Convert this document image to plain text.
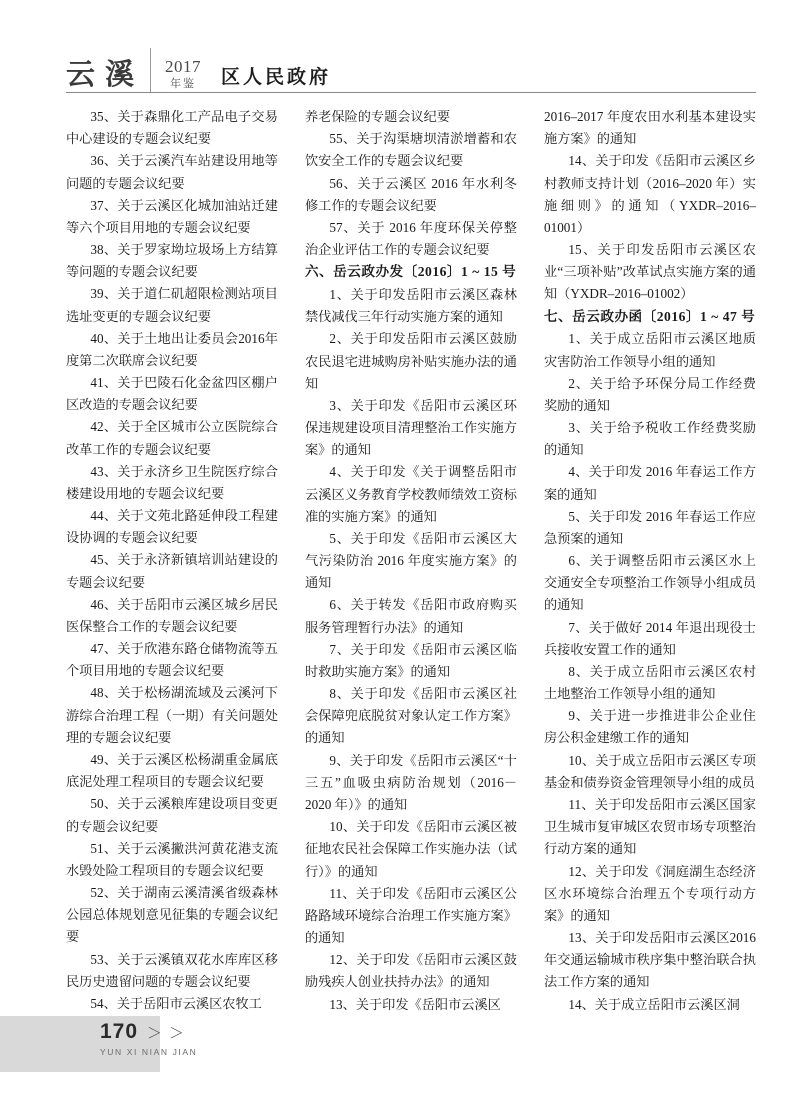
云溪 2017
年鉴 区人民政府

35、关于森鼎化工产品电子交易中心建设的专题会议纪要

36、关于云溪汽车站建设用地等问题的专题会议纪要

37、关于云溪区化城加油站迁建等六个项目用地的专题会议纪要

38、关于罗家坳垃圾场上方结算等问题的专题会议纪要

39、关于道仁矶超限检测站项目选址变更的专题会议纪要

40、关于土地出让委员会2016年度第二次联席会议纪要

41、关于巴陵石化金盆四区棚户区改造的专题会议纪要

42、关于全区城市公立医院综合改革工作的专题会议纪要

43、关于永济乡卫生院医疗综合楼建设用地的专题会议纪要

44、关于文苑北路延伸段工程建设协调的专题会议纪要

45、关于永济新镇培训站建设的专题会议纪要

46、关于岳阳市云溪区城乡居民医保整合工作的专题会议纪要

47、关于欣港东路仓储物流等五个项目用地的专题会议纪要

48、关于松杨湖流域及云溪河下游综合治理工程（一期）有关问题处理的专题会议纪要

49、关于云溪区松杨湖重金属底底泥处理工程项目的专题会议纪要

50、关于云溪粮库建设项目变更的专题会议纪要

51、关于云溪撇洪河黄花港支流水毁处险工程项目的专题会议纪要

52、关于湖南云溪清溪省级森林公园总体规划意见征集的专题会议纪要

53、关于云溪镇双花水库库区移民历史遗留问题的专题会议纪要

54、关于岳阳市云溪区农牧工

养老保险的专题会议纪要

55、关于沟渠塘坝清淤增蓄和农饮安全工作的专题会议纪要

56、关于云溪区 2016 年水利冬修工作的专题会议纪要

57、关于 2016 年度环保关停整治企业评估工作的专题会议纪要

六、岳云政办发〔2016〕1 ~ 15 号

1、关于印发岳阳市云溪区森林禁伐减伐三年行动实施方案的通知

2、关于印发岳阳市云溪区鼓励农民退宅进城购房补贴实施办法的通知

3、关于印发《岳阳市云溪区环保违规建设项目清理整治工作实施方案》的通知

4、关于印发《关于调整岳阳市云溪区义务教育学校教师绩效工资标准的实施方案》的通知

5、关于印发《岳阳市云溪区大气污染防治 2016 年度实施方案》的通知

6、关于转发《岳阳市政府购买服务管理暂行办法》的通知

7、关于印发《岳阳市云溪区临时救助实施方案》的通知

8、关于印发《岳阳市云溪区社会保障兜底脱贫对象认定工作方案》的通知

9、关于印发《岳阳市云溪区“十三五”血吸虫病防治规划（2016－2020 年）》的通知

10、关于印发《岳阳市云溪区被征地农民社会保障工作实施办法（试行）》的通知

11、关于印发《岳阳市云溪区公路路域环境综合治理工作实施方案》的通知

12、关于印发《岳阳市云溪区鼓励残疾人创业扶持办法》的通知

13、关于印发《岳阳市云溪区

2016–2017 年度农田水利基本建设实施方案》的通知

14、关于印发《岳阳市云溪区乡村教师支持计划（2016–2020 年）实施细则》的通知（YXDR–2016–01001）

15、关于印发岳阳市云溪区农业“三项补贴”改革试点实施方案的通知（YXDR–2016–01002）

七、岳云政办函〔2016〕1 ~ 47 号

1、关于成立岳阳市云溪区地质灾害防治工作领导小组的通知

2、关于给予环保分局工作经费奖励的通知

3、关于给予税收工作经费奖励的通知

4、关于印发 2016 年春运工作方案的通知

5、关于印发 2016 年春运工作应急预案的通知

6、关于调整岳阳市云溪区水上交通安全专项整治工作领导小组成员的通知

7、关于做好 2014 年退出现役士兵接收安置工作的通知

8、关于成立岳阳市云溪区农村土地整治工作领导小组的通知

9、关于进一步推进非公企业住房公积金建缴工作的通知

10、关于成立岳阳市云溪区专项基金和债券资金管理领导小组的成员

11、关于印发岳阳市云溪区国家卫生城市复审城区农贸市场专项整治行动方案的通知

12、关于印发《洞庭湖生态经济区水环境综合治理五个专项行动方案》的通知

13、关于印发岳阳市云溪区2016 年交通运输城市秩序集中整治联合执法工作方案的通知

14、关于成立岳阳市云溪区洞

170 ＞＞
YUN XI NIAN JIAN
